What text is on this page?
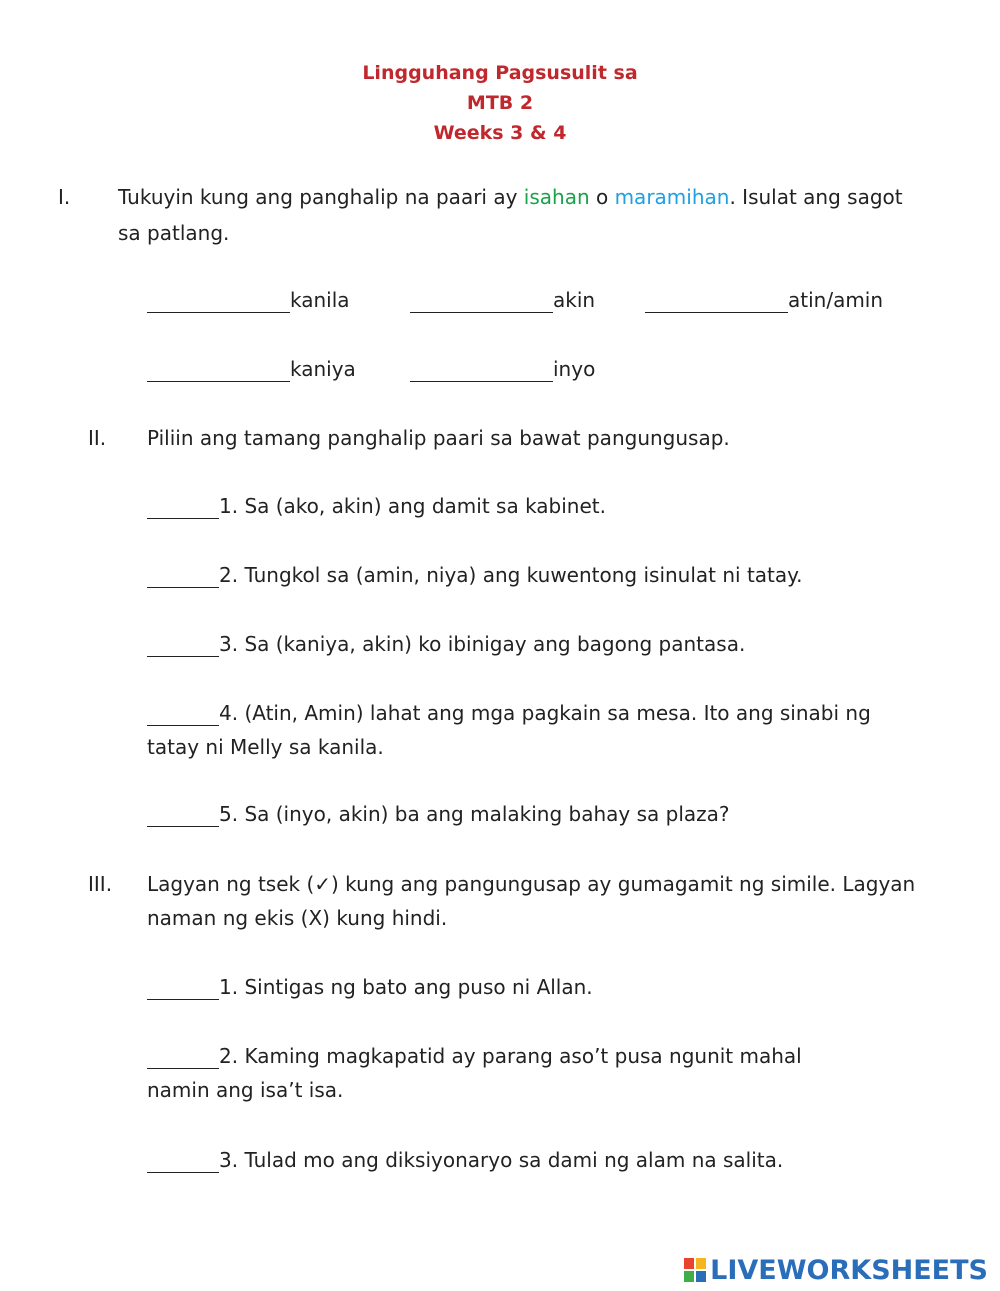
Lingguhang Pagsusulit sa
MTB 2
Weeks 3 & 4
I. Tukuyin kung ang panghalip na paari ay isahan o maramihan. Isulat ang sagot
sa patlang.
kanila	akin	atin/amin
kaniya	inyo
II. Piliin ang tamang panghalip paari sa bawat pangungusap.
1. Sa (ako, akin) ang damit sa kabinet.
2. Tungkol sa (amin, niya) ang kuwentong isinulat ni tatay.
3. Sa (kaniya, akin) ko ibinigay ang bagong pantasa.
4. (Atin, Amin) lahat ang mga pagkain sa mesa. Ito ang sinabi ng
tatay ni Melly sa kanila.
5. Sa (inyo, akin) ba ang malaking bahay sa plaza?
III. Lagyan ng tsek (✓) kung ang pangungusap ay gumagamit ng simile. Lagyan
naman ng ekis (X) kung hindi.
1. Sintigas ng bato ang puso ni Allan.
2. Kaming magkapatid ay parang aso’t pusa ngunit mahal
namin ang isa’t isa.
3. Tulad mo ang diksiyonaryo sa dami ng alam na salita.
LIVEWORKSHEETS
